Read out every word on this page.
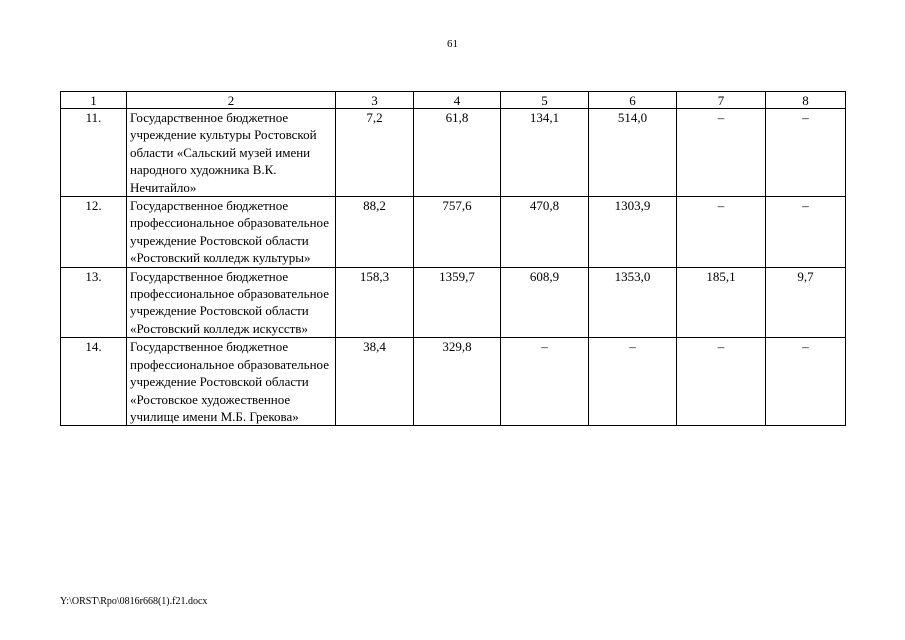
61
1	2	3	4	5	6	7	8
11.	Государственное бюджетное учреждение культуры Ростовской области «Сальский музей имени народного художника В.К. Нечитайло»	7,2	61,8	134,1	514,0	–	–
12.	Государственное бюджетное профессиональное образовательное учреждение Ростовской области «Ростовский колледж культуры»	88,2	757,6	470,8	1303,9	–	–
13.	Государственное бюджетное профессиональное образовательное учреждение Ростовской области «Ростовский колледж искусств»	158,3	1359,7	608,9	1353,0	185,1	9,7
14.	Государственное бюджетное профессиональное образовательное учреждение Ростовской области «Ростовское художественное училище имени М.Б. Грекова»	38,4	329,8	–	–	–	–
Y:\ORST\Rpo\0816r668(1).f21.docx
